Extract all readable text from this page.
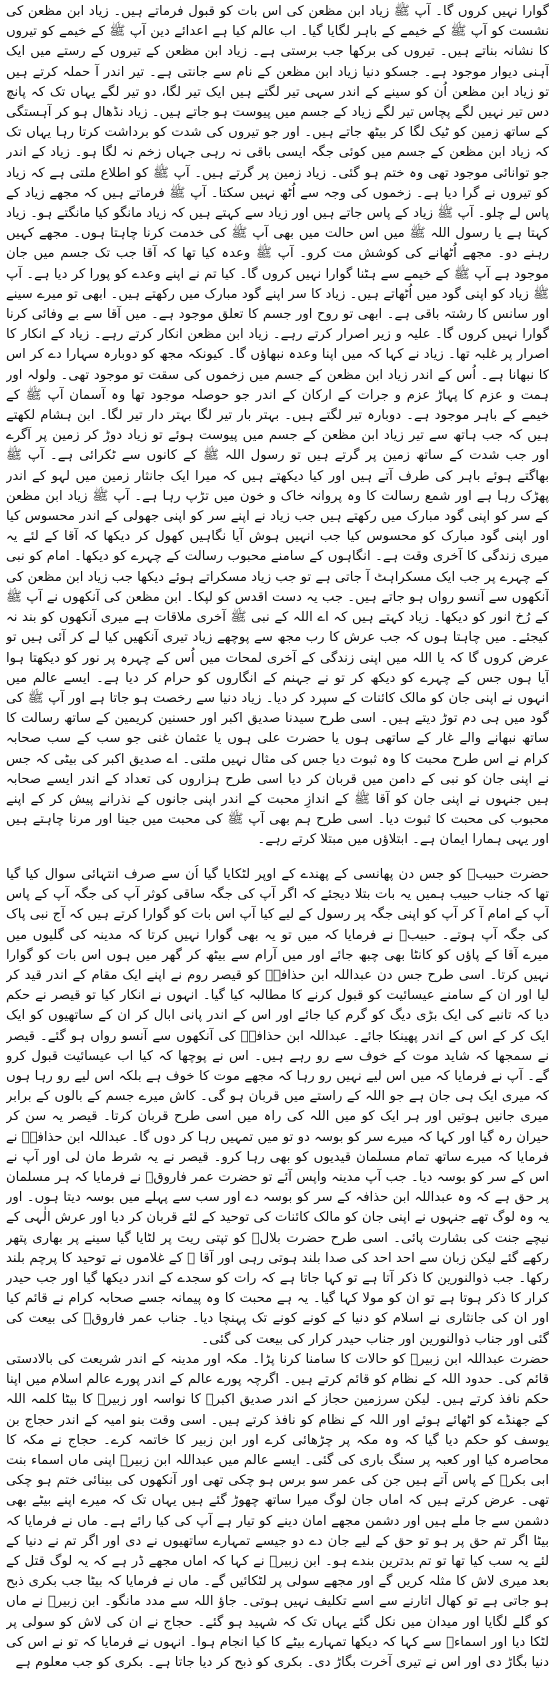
گوارا نہیں کروں گا۔ آپ ﷺ زیاد ابن مظعن کی اس بات کو قبول فرماتے ہیں۔ زیاد ابن مظعن کی نشست کو آپ ﷺ کے خیمے کے باہر لگایا گیا۔ اب عالم کیا ہے اعدائے دین آپ ﷺ کے خیمے کو تیروں کا نشانہ بناتے ہیں۔ تیروں کی برکھا جب برستی ہے۔ زیاد ابن مظعن کے تیروں کے رستے میں ایک آہنی دیوار موجود ہے۔ جسکو دنیا زیاد ابن مظعن کے نام سے جانتی ہے۔ تیر اندر آ حملہ کرتے ہیں تو زیاد ابن مظعن اُن کو سینے کے اندر سہی تیر لگتے ہیں ایک تیر لگا، دو تیر لگے یہاں تک کہ پانچ دس تیر نہیں لگے پچاس تیر لگے زیاد کے جسم میں پیوست ہو جاتے ہیں۔ زیاد نڈھال ہو کر آہستگی کے ساتھ زمین کو ٹیک لگا کر بیٹھ جاتے ہیں۔ اور جو تیروں کی شدت کو برداشت کرتا رہا یہاں تک کہ زیاد ابن مظعن کے جسم میں کوئی جگہ ایسی باقی نہ رہی جہاں زخم نہ لگا ہو۔ زیاد کے اندر جو توانائی موجود تھی وہ ختم ہو گئی۔ زیاد زمین پر گرتے ہیں۔ آپ ﷺ کو اطلاع ملتی ہے کہ زیاد کو تیروں نے گرا دیا ہے۔ زخموں کی وجہ سے اُٹھ نہیں سکتا۔ آپ ﷺ فرماتے ہیں کہ مجھے زیاد کے پاس لے چلو۔ آپ ﷺ زیاد کے پاس جاتے ہیں اور زیاد سے کہتے ہیں کہ زیاد مانگو کیا مانگتے ہو۔ زیاد کہتا ہے یا رسول اللہ ﷺ میں اس حالت میں بھی آپ ﷺ کی خدمت کرنا چاہتا ہوں۔ مجھے کہیں رہنے دو۔ مجھے اُٹھانے کی کوشش مت کرو۔ آپ ﷺ وعدہ کیا تھا کہ آقا جب تک جسم میں جان موجود ہے آپ ﷺ کے خیمے سے ہٹنا گوارا نہیں کروں گا۔ کیا تم نے اپنے وعدے کو پورا کر دیا ہے۔ آپ ﷺ زیاد کو اپنی گود میں اُٹھاتے ہیں۔ زیاد کا سر اپنے گود مبارک میں رکھتے ہیں۔ ابھی تو میرے سینے اور سانس کا رشتہ باقی ہے۔ ابھی تو روح اور جسم کا تعلق موجود ہے۔ میں آقا سے بے وفائی کرنا گوارا نہیں کروں گا۔ علیہ و زیر اصرار کرتے رہے۔ زیاد ابن مظعن انکار کرتے رہے۔ زیاد کے انکار کا اصرار پر غلبہ تھا۔ زیاد نے کہا کہ میں اپنا وعدہ نبھاؤں گا۔ کیونکہ مجھ کو دوبارہ سہارا دے کر اس کا نبھانا ہے۔ اُس کے اندر زیاد ابن مظعن کے جسم میں زخموں کی سقت تو موجود تھی۔ ولولہ اور ہمت و عزم کا پہاڑ عزم و جرات کے ارکان کے اندر جو حوصلہ موجود تھا وہ آسمان آپ ﷺ کے خیمے کے باہر موجود ہے۔ دوبارہ تیر لگتے ہیں۔ بہتر بار تیر لگا بہتر دار تیر لگا۔ ابن ہشام لکھتے ہیں کہ جب ہاتھ سے تیر زیاد ابن مظعن کے جسم میں پیوست ہوئے تو زیاد دوڑ کر زمین پر آگرے اور جب شدت کے ساتھ زمین پر گرتے ہیں تو رسول اللہ ﷺ کے کانوں سے ٹکرائی ہے۔ آپ ﷺ بھاگتے ہوئے باہر کی طرف آتے ہیں اور کیا دیکھتے ہیں کہ میرا ایک جانثار زمین میں لہو کے اندر پھڑک رہا ہے اور شمع رسالت کا وہ پروانہ خاک و خون میں تڑپ رہا ہے۔ آپ ﷺ زیاد ابن مظعن کے سر کو اپنی گود مبارک میں رکھتے ہیں جب زیاد نے اپنے سر کو اپنی جھولی کے اندر محسوس کیا اور اپنی گود مبارک کو محسوس کیا جب انہیں ہوش آیا نگاہیں کھول کر دیکھا کہ آقا کے لئے یہ میری زندگی کا آخری وقت ہے۔ انگاہوں کے سامنے محبوب رسالت کے چہرے کو دیکھا۔ امام کو نبی کے چہرے پر جب ایک مسکراہٹ آ جاتی ہے تو جب زیاد مسکراتے ہوئے دیکھا جب زیاد ابن مظعن کی آنکھوں سے آنسو رواں ہو جاتے ہیں۔ جب یہ دست اقدس کو لپکا۔ ابن مظعن کی آنکھوں نے آپ ﷺ کے رُخ انور کو دیکھا۔ زیاد کہتے ہیں کہ اے اللہ کے نبی ﷺ آخری ملاقات ہے میری آنکھوں کو بند نہ کیجئے۔ میں چاہتا ہوں کہ جب عرش کا رب مجھ سے پوچھے زیاد تیری آنکھیں کیا لے کر آئی ہیں تو عرض کروں گا کہ یا اللہ میں اپنی زندگی کے آخری لمحات میں اُس کے چہرہ پر نور کو دیکھتا ہوا آیا ہوں جس کے چہرے کو دیکھ کر تو نے جہنم کے انگاروں کو حرام کر دیا ہے۔ ایسے عالم میں انہوں نے اپنی جان کو مالک کائنات کے سپرد کر دیا۔ زیاد دنیا سے رخصت ہو جاتا ہے اور آپ ﷺ کی گود میں ہی دم توڑ دیتے ہیں۔ اسی طرح سیدنا صدیق اکبر اور حسنین کریمین کے ساتھ رسالت کا ساتھ نبھانے والے غار کے ساتھی ہوں یا حضرت علی ہوں یا عثمان غنی جو سب کے سب صحابہ کرام نے اس طرح محبت کا وہ ثبوت دیا جس کی مثال نہیں ملتی۔ اے صدیق اکبر کی بیٹی کہ جس نے اپنی جان کو نبی کے دامن میں قربان کر دیا اسی طرح ہزاروں کی تعداد کے اندر ایسے صحابہ ہیں جنہوں نے اپنی جان کو آقا ﷺ کے اندازِ محبت کے اندر اپنی جانوں کے نذرانے پیش کر کے اپنے محبوب کی محبت کا ثبوت دیا۔ اسی طرح ہم بھی آپ ﷺ کی محبت میں جینا اور مرنا چاہتے ہیں اور یہی ہمارا ایمان ہے۔ ابتلاؤں میں مبتلا کرتے رہے۔

حضرت حبیبؓ کو جس دن پھانسی کے پھندے کے اوپر لٹکایا گیا اُن سے صرف انتہائی سوال کیا گیا تھا کہ جناب حبیب ہمیں یہ بات بتلا دیجئے کہ اگر آپ کی جگہ ساقی کوثر آپ کی جگہ آپ کے پاس آپ کے امام آ کر آپ کو اپنی جگہ پر رسول کے لیے کیا آپ اس بات کو گوارا کرتے ہیں کہ آج نبی پاک کی جگہ آپ ہوتے۔ حبیبؓ نے فرمایا کہ میں تو یہ بھی گوارا نہیں کرتا کہ مدینہ کی گلیوں میں میرے آقا کے پاؤں کو کانٹا بھی چبھ جائے اور میں آرام سے بیٹھ کر گھر میں ہوں اس بات کو گوارا نہیں کرتا۔ اسی طرح جس دن عبداللہ ابن حذافہؓ کو قیصر روم نے اپنے ایک مقام کے اندر قید کر لیا اور ان کے سامنے عیسائیت کو قبول کرنے کا مطالبہ کیا گیا۔ انہوں نے انکار کیا تو قیصر نے حکم دیا کہ تانبے کی ایک بڑی دیگ کو گرم کیا جائے اور اس کے اندر پانی ابال کر ان کے ساتھیوں کو ایک ایک کر کے اس کے اندر پھینکا جائے۔ عبداللہ ابن حذافہؓ کی آنکھوں سے آنسو رواں ہو گئے۔ قیصر نے سمجھا کہ شاید موت کے خوف سے رو رہے ہیں۔ اس نے پوچھا کہ کیا اب عیسائیت قبول کرو گے۔ آپ نے فرمایا کہ میں اس لیے نہیں رو رہا کہ مجھے موت کا خوف ہے بلکہ اس لیے رو رہا ہوں کہ میری ایک ہی جان ہے جو اللہ کے راستے میں قربان ہو گی۔ کاش میرے جسم کے بالوں کے برابر میری جانیں ہوتیں اور ہر ایک کو میں اللہ کی راہ میں اسی طرح قربان کرتا۔ قیصر یہ سن کر حیران رہ گیا اور کہا کہ میرے سر کو بوسہ دو تو میں تمہیں رہا کر دوں گا۔ عبداللہ ابن حذافہؓ نے فرمایا کہ میرے ساتھ تمام مسلمان قیدیوں کو بھی رہا کرو۔ قیصر نے یہ شرط مان لی اور آپ نے اس کے سر کو بوسہ دیا۔ جب آپ مدینہ واپس آئے تو حضرت عمر فاروقؓ نے فرمایا کہ ہر مسلمان پر حق ہے کہ وہ عبداللہ ابن حذافہ کے سر کو بوسہ دے اور سب سے پہلے میں بوسہ دیتا ہوں۔ اور یہ وہ لوگ تھے جنہوں نے اپنی جان کو مالک کائنات کی توحید کے لئے قربان کر دیا اور عرش الٰہی کے نیچے جنت کی بشارت پائی۔ اسی طرح حضرت بلالؓ کو تپتی ریت پر لٹایا گیا سینے پر بھاری پتھر رکھے گئے لیکن زبان سے احد احد کی صدا بلند ہوتی رہی اور آقا ﷺ کے غلاموں نے توحید کا پرچم بلند رکھا۔ جب ذوالنورین کا ذکر آتا ہے تو کہا جاتا ہے کہ رات کو سجدے کے اندر دیکھا گیا اور جب حیدر کرار کا ذکر ہوتا ہے تو ان کو مولا کہا گیا۔ یہ ہے محبت کا وہ پیمانہ جسے صحابہ کرام نے قائم کیا اور ان کی جانثاری نے اسلام کو دنیا کے کونے کونے تک پہنچا دیا۔ جناب عمر فاروقؓ کی بیعت کی گئی اور جناب ذوالنورین اور جناب حیدر کرار کی بیعت کی گئی۔

حضرت عبداللہ ابن زبیرؓ کو حالات کا سامنا کرنا پڑا۔ مکہ اور مدینہ کے اندر شریعت کی بالادستی قائم کی۔ حدود اللہ کے نظام کو قائم کرتے ہیں۔ اگرچہ پورے عالم کے اندر پورے عالم اسلام میں اپنا حکم نافذ کرتے ہیں۔ لیکن سرزمین حجاز کے اندر صدیق اکبرؓ کا نواسہ اور زبیرؓ کا بیٹا کلمہ اللہ کے جھنڈے کو اٹھائے ہوئے اور اللہ کے نظام کو نافذ کرتے ہیں۔ اسی وقت بنو امیہ کے اندر حجاج بن یوسف کو حکم دیا گیا کہ وہ مکہ پر چڑھائی کرے اور ابن زبیر کا خاتمہ کرے۔ حجاج نے مکہ کا محاصرہ کیا اور کعبہ پر سنگ باری کی گئی۔ ایسے عالم میں عبداللہ ابن زبیرؓ اپنی ماں اسماء بنت ابی بکرؓ کے پاس آتے ہیں جن کی عمر سو برس ہو چکی تھی اور آنکھوں کی بینائی ختم ہو چکی تھی۔ عرض کرتے ہیں کہ اماں جان لوگ میرا ساتھ چھوڑ گئے ہیں یہاں تک کہ میرے اپنے بیٹے بھی دشمن سے جا ملے ہیں اور دشمن مجھے امان دینے کو تیار ہے آپ کی کیا رائے ہے۔ ماں نے فرمایا کہ بیٹا اگر تم حق پر ہو تو حق کے لیے جان دے دو جیسے تمہارے ساتھیوں نے دی اور اگر تم نے دنیا کے لئے یہ سب کیا تھا تو تم بدترین بندے ہو۔ ابن زبیرؓ نے کہا کہ اماں مجھے ڈر ہے کہ یہ لوگ قتل کے بعد میری لاش کا مثلہ کریں گے اور مجھے سولی پر لٹکائیں گے۔ ماں نے فرمایا کہ بیٹا جب بکری ذبح ہو جاتی ہے تو کھال اتارنے سے اسے تکلیف نہیں ہوتی۔ جاؤ اللہ سے مدد مانگو۔ ابن زبیرؓ نے ماں کو گلے لگایا اور میدان میں نکل گئے یہاں تک کہ شہید ہو گئے۔ حجاج نے ان کی لاش کو سولی پر لٹکا دیا اور اسماءؓ سے کہا کہ دیکھا تمہارے بیٹے کا کیا انجام ہوا۔ انہوں نے فرمایا کہ تو نے اس کی دنیا بگاڑ دی اور اس نے تیری آخرت بگاڑ دی۔ بکری کو ذبح کر دیا جاتا ہے۔ بکری کو جب معلوم ہے
